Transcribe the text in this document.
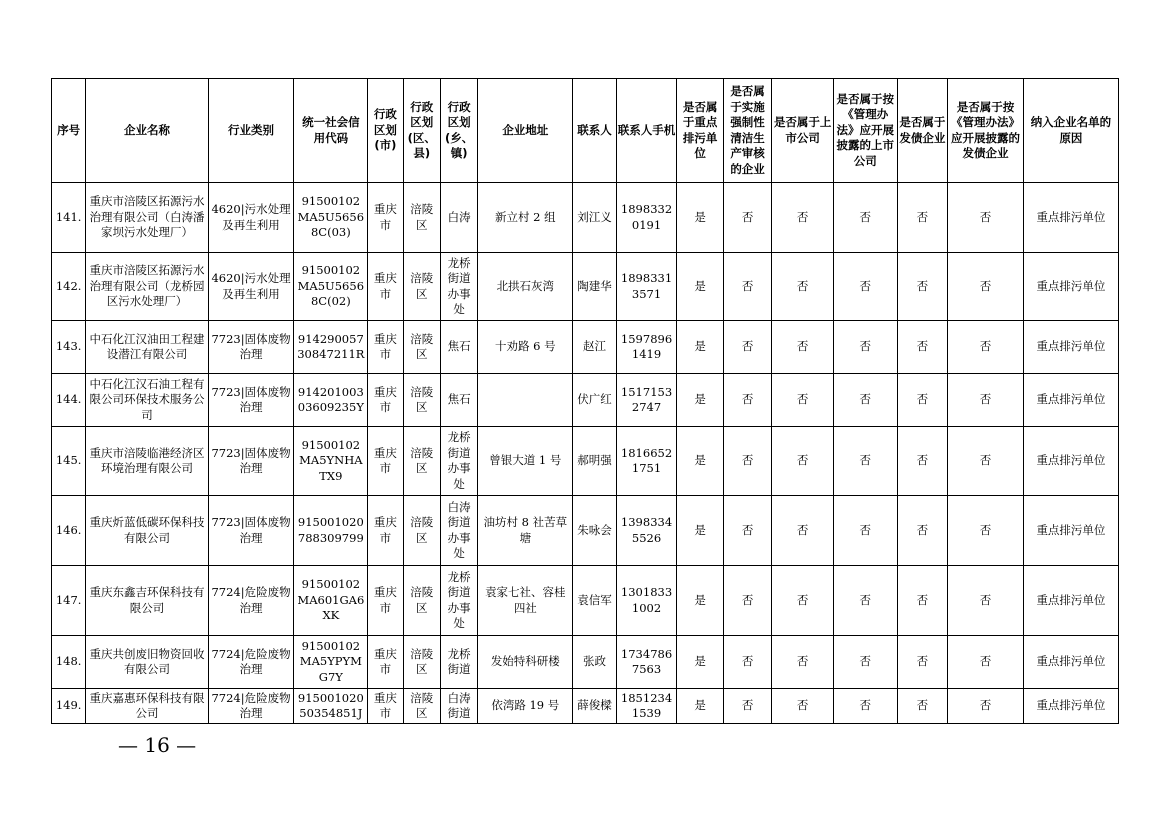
序号	企业名称	行业类别	统一社会信用代码	行政区划(市)	行政区划(区、县)	行政区划(乡、镇)	企业地址	联系人	联系人手机	是否属于重点排污单位	是否属于实施强制性清洁生产审核的企业	是否属于上市公司	是否属于按《管理办法》应开展披露的上市公司	是否属于发债企业	是否属于按《管理办法》应开展披露的发债企业	纳入企业名单的原因
141.	重庆市涪陵区拓源污水治理有限公司（白涛潘家坝污水处理厂）	4620|污水处理及再生利用	91500102MA5U56568C(03)	重庆市	涪陵区	白涛	新立村 2 组	刘江义	18983320191	是	否	否	否	否	否	重点排污单位
142.	重庆市涪陵区拓源污水治理有限公司（龙桥园区污水处理厂）	4620|污水处理及再生利用	91500102MA5U56568C(02)	重庆市	涪陵区	龙桥街道办事处	北拱石灰湾	陶建华	18983313571	是	否	否	否	否	否	重点排污单位
143.	中石化江汉油田工程建设潜江有限公司	7723|固体废物治理	91429005730847211R	重庆市	涪陵区	焦石	十劝路 6 号	赵江	15978961419	是	否	否	否	否	否	重点排污单位
144.	中石化江汉石油工程有限公司环保技术服务公司	7723|固体废物治理	91420100303609235Y	重庆市	涪陵区	焦石		伏广红	15171532747	是	否	否	否	否	否	重点排污单位
145.	重庆市涪陵临港经济区环境治理有限公司	7723|固体废物治理	91500102MA5YNHATX9	重庆市	涪陵区	龙桥街道办事处	曾银大道 1 号	郝明强	18166521751	是	否	否	否	否	否	重点排污单位
146.	重庆炘蓝低碳环保科技有限公司	7723|固体废物治理	915001020788309799	重庆市	涪陵区	白涛街道办事处	油坊村 8 社苦草塘	朱咏会	13983345526	是	否	否	否	否	否	重点排污单位
147.	重庆东鑫吉环保科技有限公司	7724|危险废物治理	91500102MA601GA6XK	重庆市	涪陵区	龙桥街道办事处	袁家七社、容桂四社	袁信军	13018331002	是	否	否	否	否	否	重点排污单位
148.	重庆共创废旧物资回收有限公司	7724|危险废物治理	91500102MA5YPYMG7Y	重庆市	涪陵区	龙桥街道	发始特科研楼	张政	17347867563	是	否	否	否	否	否	重点排污单位
149.	重庆嘉惠环保科技有限公司	7724|危险废物治理	91500102050354851J	重庆市	涪陵区	白涛街道	依湾路 19 号	薛俊樑	18512341539	是	否	否	否	否	否	重点排污单位
— 16 —
